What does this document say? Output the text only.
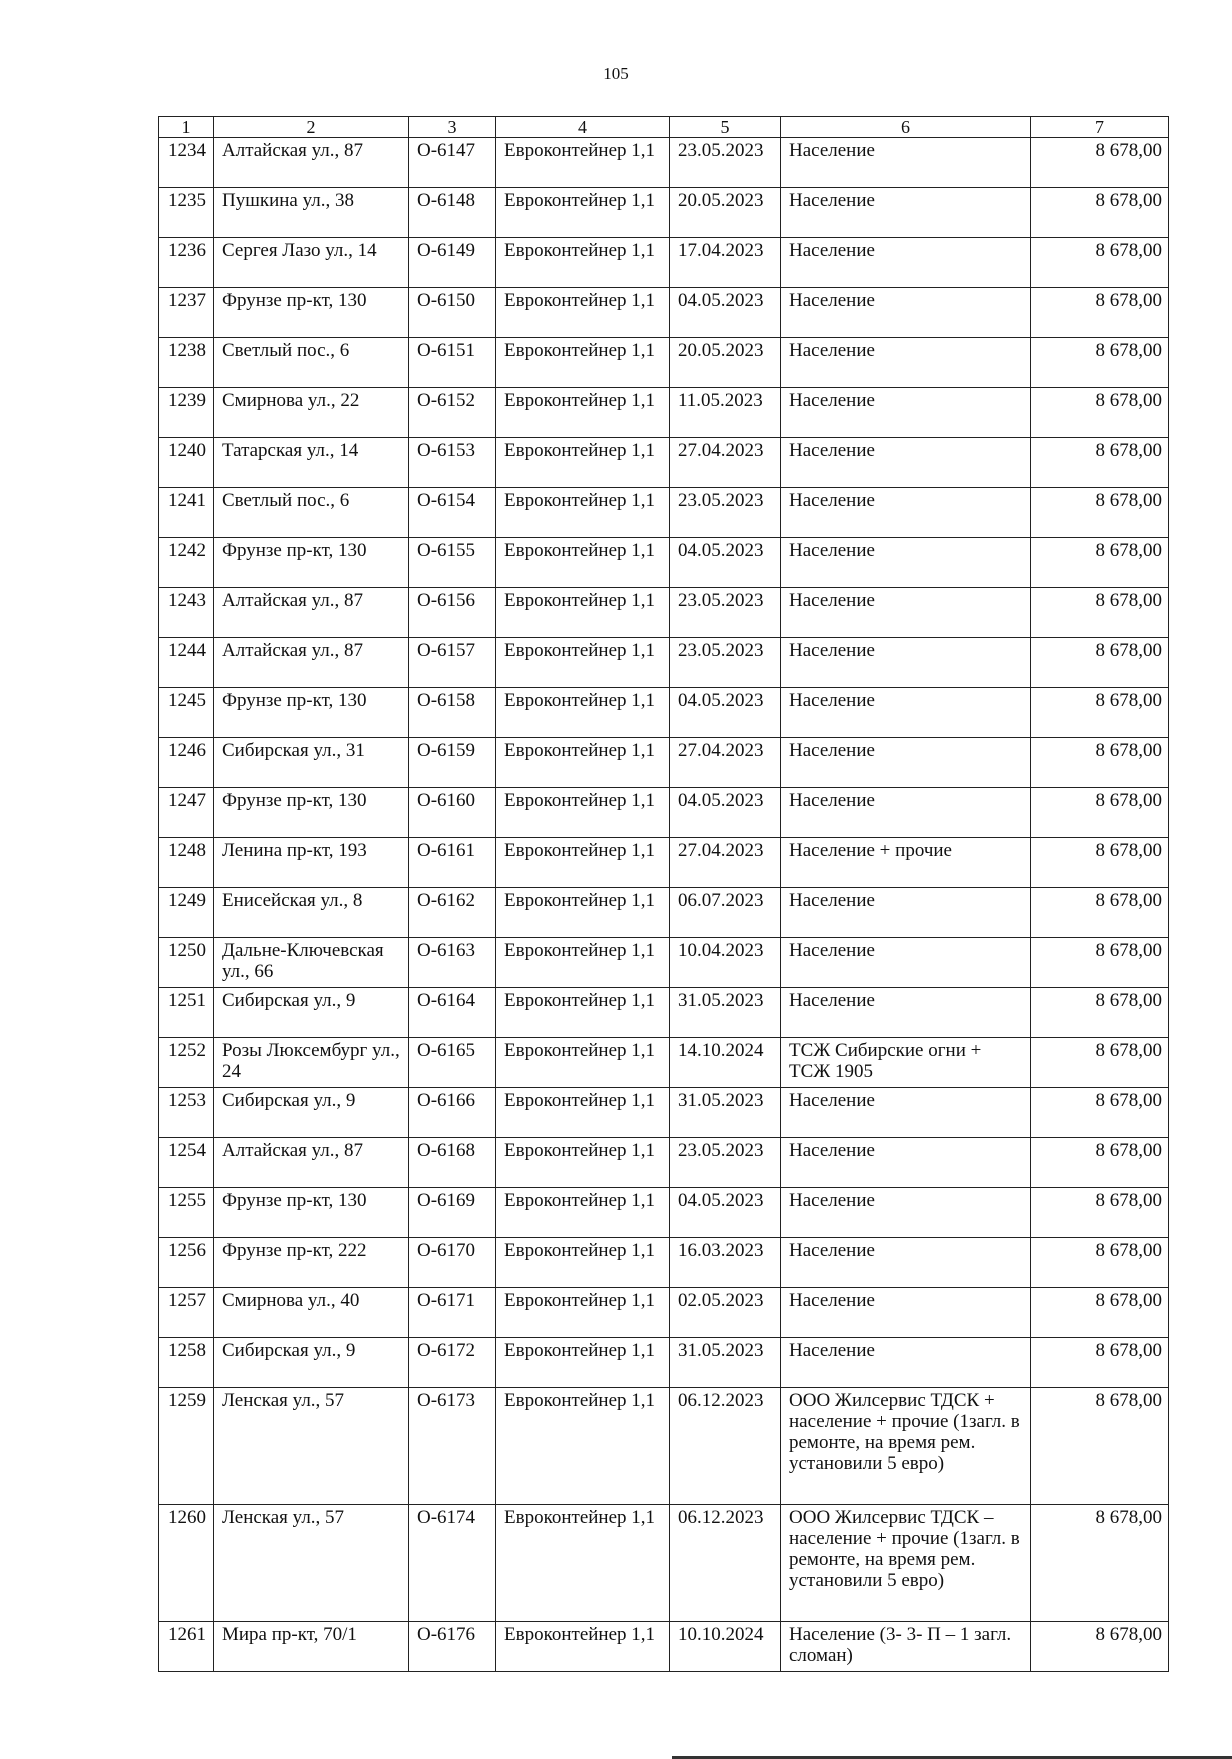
105
1	2	3	4	5	6	7
1234	Алтайская ул., 87	О-6147	Евроконтейнер 1,1	23.05.2023	Население	8 678,00
1235	Пушкина ул., 38	О-6148	Евроконтейнер 1,1	20.05.2023	Население	8 678,00
1236	Сергея Лазо ул., 14	О-6149	Евроконтейнер 1,1	17.04.2023	Население	8 678,00
1237	Фрунзе пр-кт, 130	О-6150	Евроконтейнер 1,1	04.05.2023	Население	8 678,00
1238	Светлый пос., 6	О-6151	Евроконтейнер 1,1	20.05.2023	Население	8 678,00
1239	Смирнова ул., 22	О-6152	Евроконтейнер 1,1	11.05.2023	Население	8 678,00
1240	Татарская ул., 14	О-6153	Евроконтейнер 1,1	27.04.2023	Население	8 678,00
1241	Светлый пос., 6	О-6154	Евроконтейнер 1,1	23.05.2023	Население	8 678,00
1242	Фрунзе пр-кт, 130	О-6155	Евроконтейнер 1,1	04.05.2023	Население	8 678,00
1243	Алтайская ул., 87	О-6156	Евроконтейнер 1,1	23.05.2023	Население	8 678,00
1244	Алтайская ул., 87	О-6157	Евроконтейнер 1,1	23.05.2023	Население	8 678,00
1245	Фрунзе пр-кт, 130	О-6158	Евроконтейнер 1,1	04.05.2023	Население	8 678,00
1246	Сибирская ул., 31	О-6159	Евроконтейнер 1,1	27.04.2023	Население	8 678,00
1247	Фрунзе пр-кт, 130	О-6160	Евроконтейнер 1,1	04.05.2023	Население	8 678,00
1248	Ленина пр-кт, 193	О-6161	Евроконтейнер 1,1	27.04.2023	Население + прочие	8 678,00
1249	Енисейская ул., 8	О-6162	Евроконтейнер 1,1	06.07.2023	Население	8 678,00
1250	Дальне-Ключевская ул., 66	О-6163	Евроконтейнер 1,1	10.04.2023	Население	8 678,00
1251	Сибирская ул., 9	О-6164	Евроконтейнер 1,1	31.05.2023	Население	8 678,00
1252	Розы Люксембург ул., 24	О-6165	Евроконтейнер 1,1	14.10.2024	ТСЖ Сибирские огни + ТСЖ 1905	8 678,00
1253	Сибирская ул., 9	О-6166	Евроконтейнер 1,1	31.05.2023	Население	8 678,00
1254	Алтайская ул., 87	О-6168	Евроконтейнер 1,1	23.05.2023	Население	8 678,00
1255	Фрунзе пр-кт, 130	О-6169	Евроконтейнер 1,1	04.05.2023	Население	8 678,00
1256	Фрунзе пр-кт, 222	О-6170	Евроконтейнер 1,1	16.03.2023	Население	8 678,00
1257	Смирнова ул., 40	О-6171	Евроконтейнер 1,1	02.05.2023	Население	8 678,00
1258	Сибирская ул., 9	О-6172	Евроконтейнер 1,1	31.05.2023	Население	8 678,00
1259	Ленская ул., 57	О-6173	Евроконтейнер 1,1	06.12.2023	ООО Жилсервис ТДСК + население + прочие (1загл. в ремонте, на время рем. установили 5 евро)	8 678,00
1260	Ленская ул., 57	О-6174	Евроконтейнер 1,1	06.12.2023	ООО Жилсервис ТДСК – население + прочие (1загл. в ремонте, на время рем. установили 5 евро)	8 678,00
1261	Мира пр-кт, 70/1	О-6176	Евроконтейнер 1,1	10.10.2024	Население (3- 3- П – 1 загл. сломан)	8 678,00
